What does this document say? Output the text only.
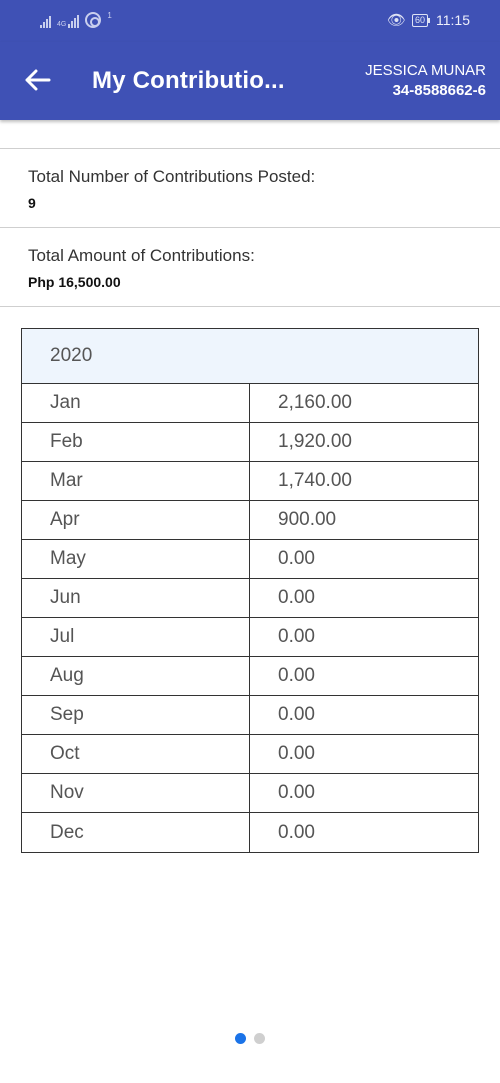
4G
1	👁	60 11:15
My Contributio...	JESSICA MUNAR
34-8588662-6
Total Number of Contributions Posted:
9
Total Amount of Contributions:
Php 16,500.00
2020
Jan	2,160.00
Feb	1,920.00
Mar	1,740.00
Apr	900.00
May	0.00
Jun	0.00
Jul	0.00
Aug	0.00
Sep	0.00
Oct	0.00
Nov	0.00
Dec	0.00
